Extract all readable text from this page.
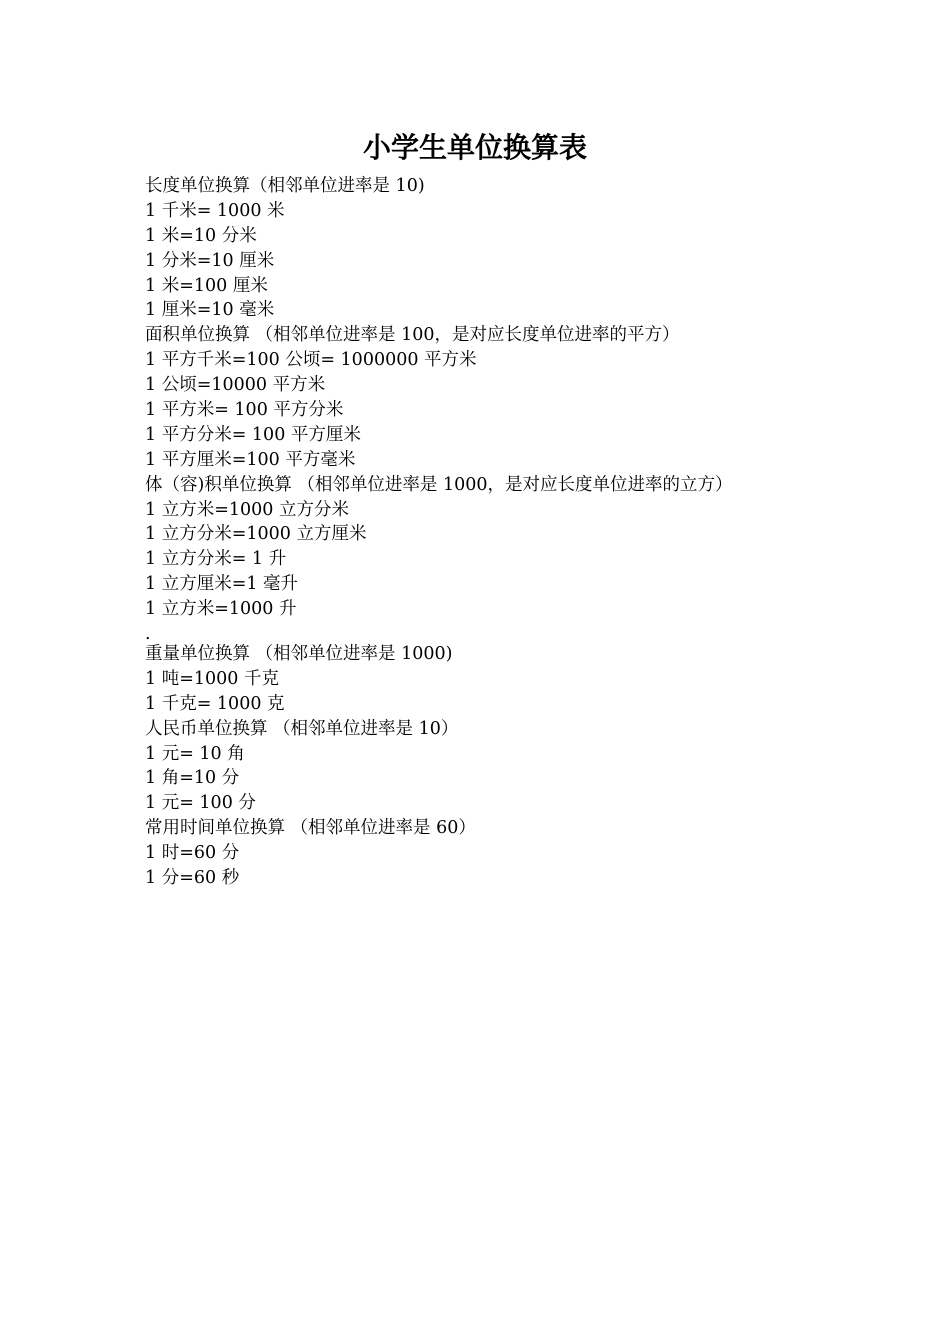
小学生单位换算表
长度单位换算（相邻单位进率是 10)
1 千米= 1000 米
1 米=10 分米
1 分米=10 厘米
1 米=100 厘米
1 厘米=10 毫米
面积单位换算 （相邻单位进率是 100，是对应长度单位进率的平方）
1 平方千米=100 公顷= 1000000 平方米
1 公顷=10000 平方米
1 平方米= 100 平方分米
1 平方分米= 100 平方厘米
1 平方厘米=100 平方毫米
体（容)积单位换算 （相邻单位进率是 1000，是对应长度单位进率的立方）
1 立方米=1000 立方分米
1 立方分米=1000 立方厘米
1 立方分米= 1 升
1 立方厘米=1 毫升
1 立方米=1000 升
.
重量单位换算 （相邻单位进率是 1000)
1 吨=1000 千克
1 千克= 1000 克
人民币单位换算 （相邻单位进率是 10）
1 元= 10 角
1 角=10 分
1 元= 100 分
常用时间单位换算 （相邻单位进率是 60）
1 时=60 分
1 分=60 秒
